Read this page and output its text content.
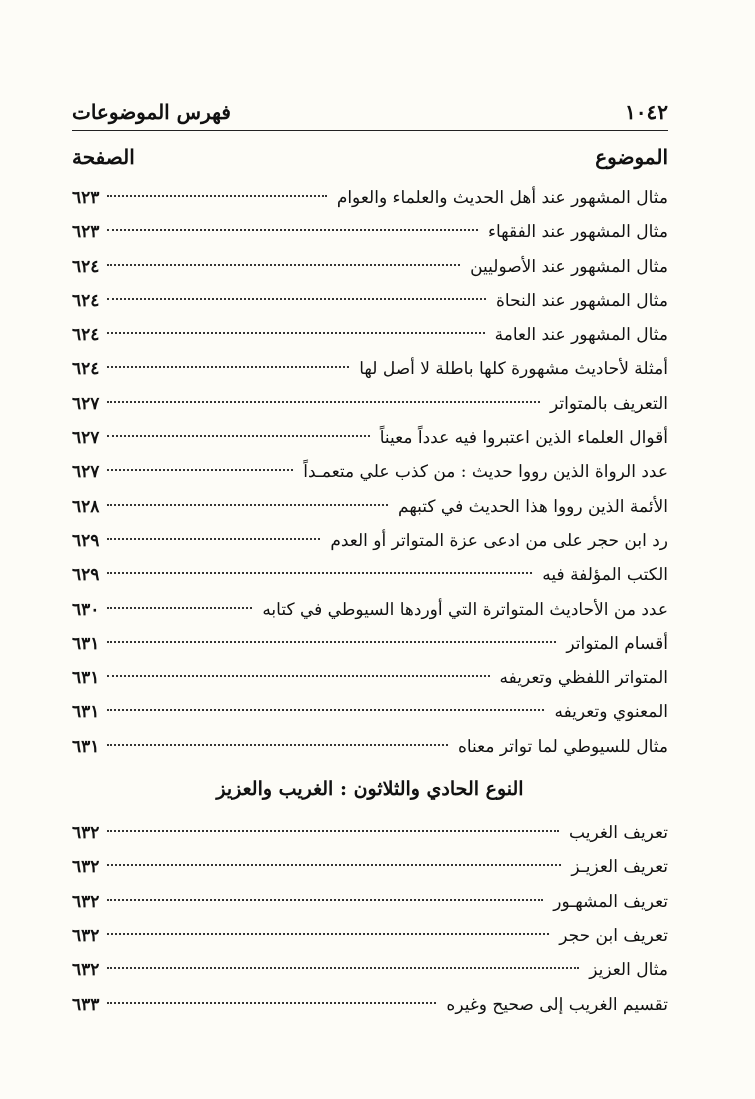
١٠٤٢
فهرس الموضوعات
الموضوع
الصفحة
مثال المشهور عند أهل الحديث والعلماء والعوام
٦٢٣
مثال المشهور عند الفقهاء
٦٢٣
مثال المشهور عند الأصوليين
٦٢٤
مثال المشهور عند النحاة
٦٢٤
مثال المشهور عند العامة
٦٢٤
أمثلة لأحاديث مشهورة كلها باطلة لا أصل لها
٦٢٤
التعريف بالمتواتر
٦٢٧
أقوال العلماء الذين اعتبروا فيه عدداً معيناً
٦٢٧
عدد الرواة الذين رووا حديث : من كذب علي متعمـداً
٦٢٧
الأئمة الذين رووا هذا الحديث في كتبهم
٦٢٨
رد ابن حجر على من ادعى عزة المتواتر أو العدم
٦٢٩
الكتب المؤلفة فيه
٦٢٩
عدد من الأحاديث المتواترة التي أوردها السيوطي في كتابه
٦٣٠
أقسام المتواتر
٦٣١
المتواتر اللفظي وتعريفه
٦٣١
المعنوي وتعريفه
٦٣١
مثال للسيوطي لما تواتر معناه
٦٣١
النوع الحادي والثلاثون : الغريب والعزيز
تعريف الغريب
٦٣٢
تعريف العزيـز
٦٣٢
تعريف المشهـور
٦٣٢
تعريف ابن حجر
٦٣٢
مثال العزيز
٦٣٢
تقسيم الغريب إلى صحيح وغيره
٦٣٣
